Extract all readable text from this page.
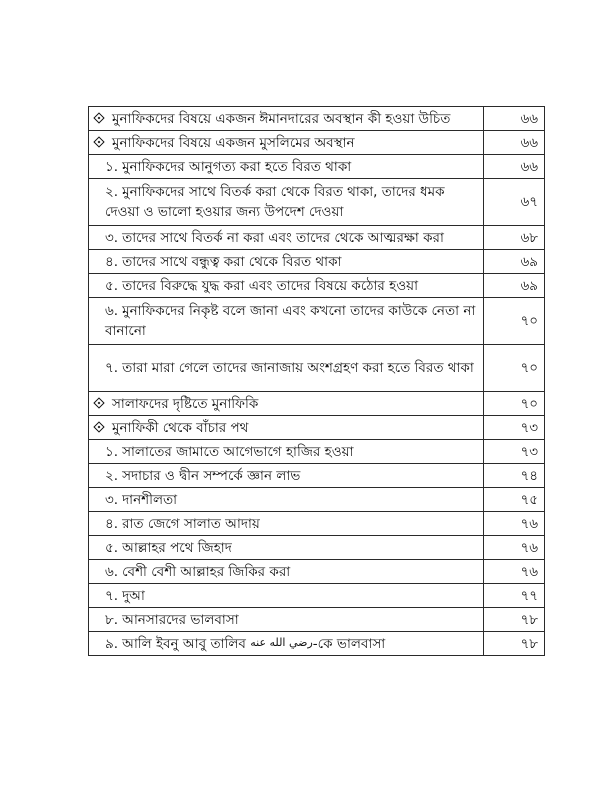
মুনাফিকদের বিষয়ে একজন ঈমানদারের অবস্থান কী হওয়া উচিত	৬৬
মুনাফিকদের বিষয়ে একজন মুসলিমের অবস্থান	৬৬
১. মুনাফিকদের আনুগত্য করা হতে বিরত থাকা	৬৬
২. মুনাফিকদের সাথে বিতর্ক করা থেকে বিরত থাকা, তাদের ধমক দেওয়া ও ভালো হওয়ার জন্য উপদেশ দেওয়া	৬৭
৩. তাদের সাথে বিতর্ক না করা এবং তাদের থেকে আত্মরক্ষা করা	৬৮
৪. তাদের সাথে বন্ধুত্ব করা থেকে বিরত থাকা	৬৯
৫. তাদের বিরুদ্ধে যুদ্ধ করা এবং তাদের বিষয়ে কঠোর হওয়া	৬৯
৬. মুনাফিকদের নিকৃষ্ট বলে জানা এবং কখনো তাদের কাউকে নেতা না বানানো	৭০
৭. তারা মারা গেলে তাদের জানাজায় অংশগ্রহণ করা হতে বিরত থাকা	৭০
সালাফদের দৃষ্টিতে মুনাফিকি	৭০
মুনাফিকী থেকে বাঁচার পথ	৭৩
১. সালাতের জামাতে আগেভাগে হাজির হওয়া	৭৩
২. সদাচার ও দ্বীন সম্পর্কে জ্ঞান লাভ	৭৪
৩. দানশীলতা	৭৫
৪. রাত জেগে সালাত আদায়	৭৬
৫. আল্লাহর পথে জিহাদ	৭৬
৬. বেশী বেশী আল্লাহর জিকির করা	৭৬
৭. দুআ	৭৭
৮. আনসারদের ভালবাসা	৭৮
৯. আলি ইবনু আবু তালিব رضي الله عنه-কে ভালবাসা	৭৮
